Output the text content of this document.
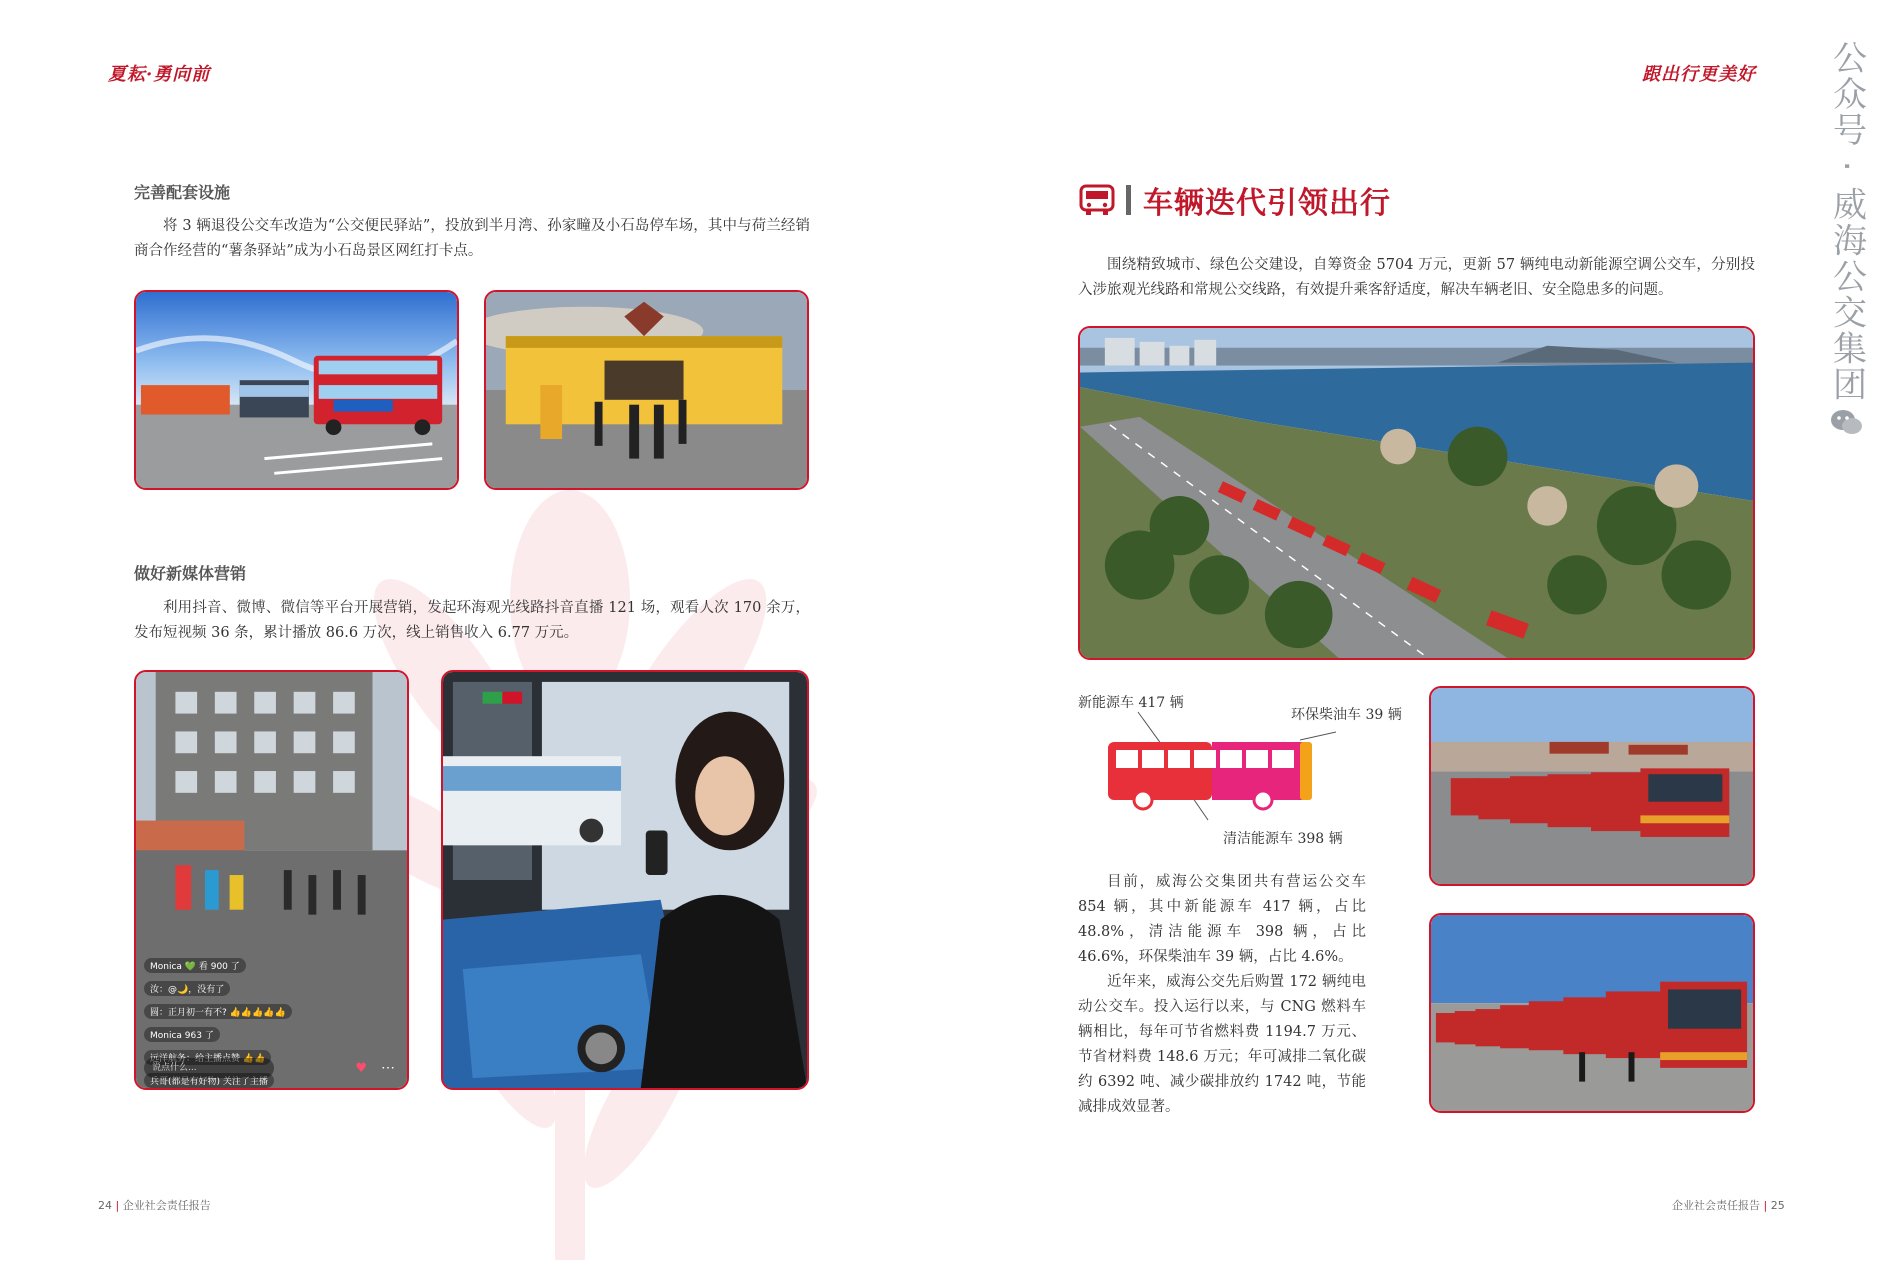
夏耘·勇向前
完善配套设施
将 3 辆退役公交车改造为“公交便民驿站”，投放到半月湾、孙家疃及小石岛停车场，其中与荷兰经销商合作经营的“薯条驿站”成为小石岛景区网红打卡点。
做好新媒体营销
利用抖音、微博、微信等平台开展营销，发起环海观光线路抖音直播 121 场，观看人次 170 余万，发布短视频 36 条，累计播放 86.6 万次，线上销售收入 6.77 万元。
Monica 💚 看 900 了
汝：@🌙，没有了
圆：正月初一有不? 👍👍👍👍👍
Monica 963 了
远洋航务：给主播点赞 👍👍
兵哥(都是有好物) 关注了主播
说点什么...	⋯
♥
24 | 企业社会责任报告
跟出行更美好 公众号 · 威海公交集团
车辆迭代引领出行
围绕精致城市、绿色公交建设，自筹资金 5704 万元，更新 57 辆纯电动新能源空调公交车，分别投入涉旅观光线路和常规公交线路，有效提升乘客舒适度，解决车辆老旧、安全隐患多的问题。
新能源车 417 辆
环保柴油车 39 辆
清洁能源车 398 辆
目前，威海公交集团共有营运公交车 854 辆，其中新能源车 417 辆，占比 48.8%，清洁能源车 398 辆，占比 46.6%，环保柴油车 39 辆，占比 4.6%。
近年来，威海公交先后购置 172 辆纯电动公交车。投入运行以来，与 CNG 燃料车辆相比，每年可节省燃料费 1194.7 万元、节省材料费 148.6 万元；年可减排二氧化碳约 6392 吨、减少碳排放约 1742 吨，节能减排成效显著。
企业社会责任报告 | 25
